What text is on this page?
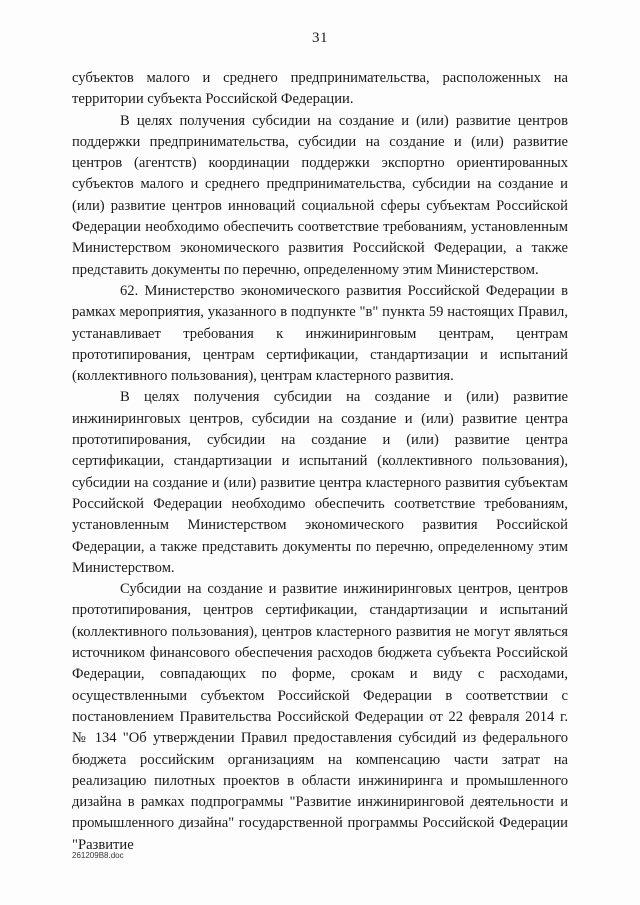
31

субъектов малого и среднего предпринимательства, расположенных на территории субъекта Российской Федерации.

В целях получения субсидии на создание и (или) развитие центров поддержки предпринимательства, субсидии на создание и (или) развитие центров (агентств) координации поддержки экспортно ориентированных субъектов малого и среднего предпринимательства, субсидии на создание и (или) развитие центров инноваций социальной сферы субъектам Российской Федерации необходимо обеспечить соответствие требованиям, установленным Министерством экономического развития Российской Федерации, а также представить документы по перечню, определенному этим Министерством.

62. Министерство экономического развития Российской Федерации в рамках мероприятия, указанного в подпункте "в" пункта 59 настоящих Правил, устанавливает требования к инжиниринговым центрам, центрам прототипирования, центрам сертификации, стандартизации и испытаний (коллективного пользования), центрам кластерного развития.

В целях получения субсидии на создание и (или) развитие инжиниринговых центров, субсидии на создание и (или) развитие центра прототипирования, субсидии на создание и (или) развитие центра сертификации, стандартизации и испытаний (коллективного пользования), субсидии на создание и (или) развитие центра кластерного развития субъектам Российской Федерации необходимо обеспечить соответствие требованиям, установленным Министерством экономического развития Российской Федерации, а также представить документы по перечню, определенному этим Министерством.

Субсидии на создание и развитие инжиниринговых центров, центров прототипирования, центров сертификации, стандартизации и испытаний (коллективного пользования), центров кластерного развития не могут являться источником финансового обеспечения расходов бюджета субъекта Российской Федерации, совпадающих по форме, срокам и виду с расходами, осуществленными субъектом Российской Федерации в соответствии с постановлением Правительства Российской Федерации от 22 февраля 2014 г. № 134 "Об утверждении Правил предоставления субсидий из федерального бюджета российским организациям на компенсацию части затрат на реализацию пилотных проектов в области инжиниринга и промышленного дизайна в рамках подпрограммы "Развитие инжиниринговой деятельности и промышленного дизайна" государственной программы Российской Федерации "Развитие

261209B8.doc
